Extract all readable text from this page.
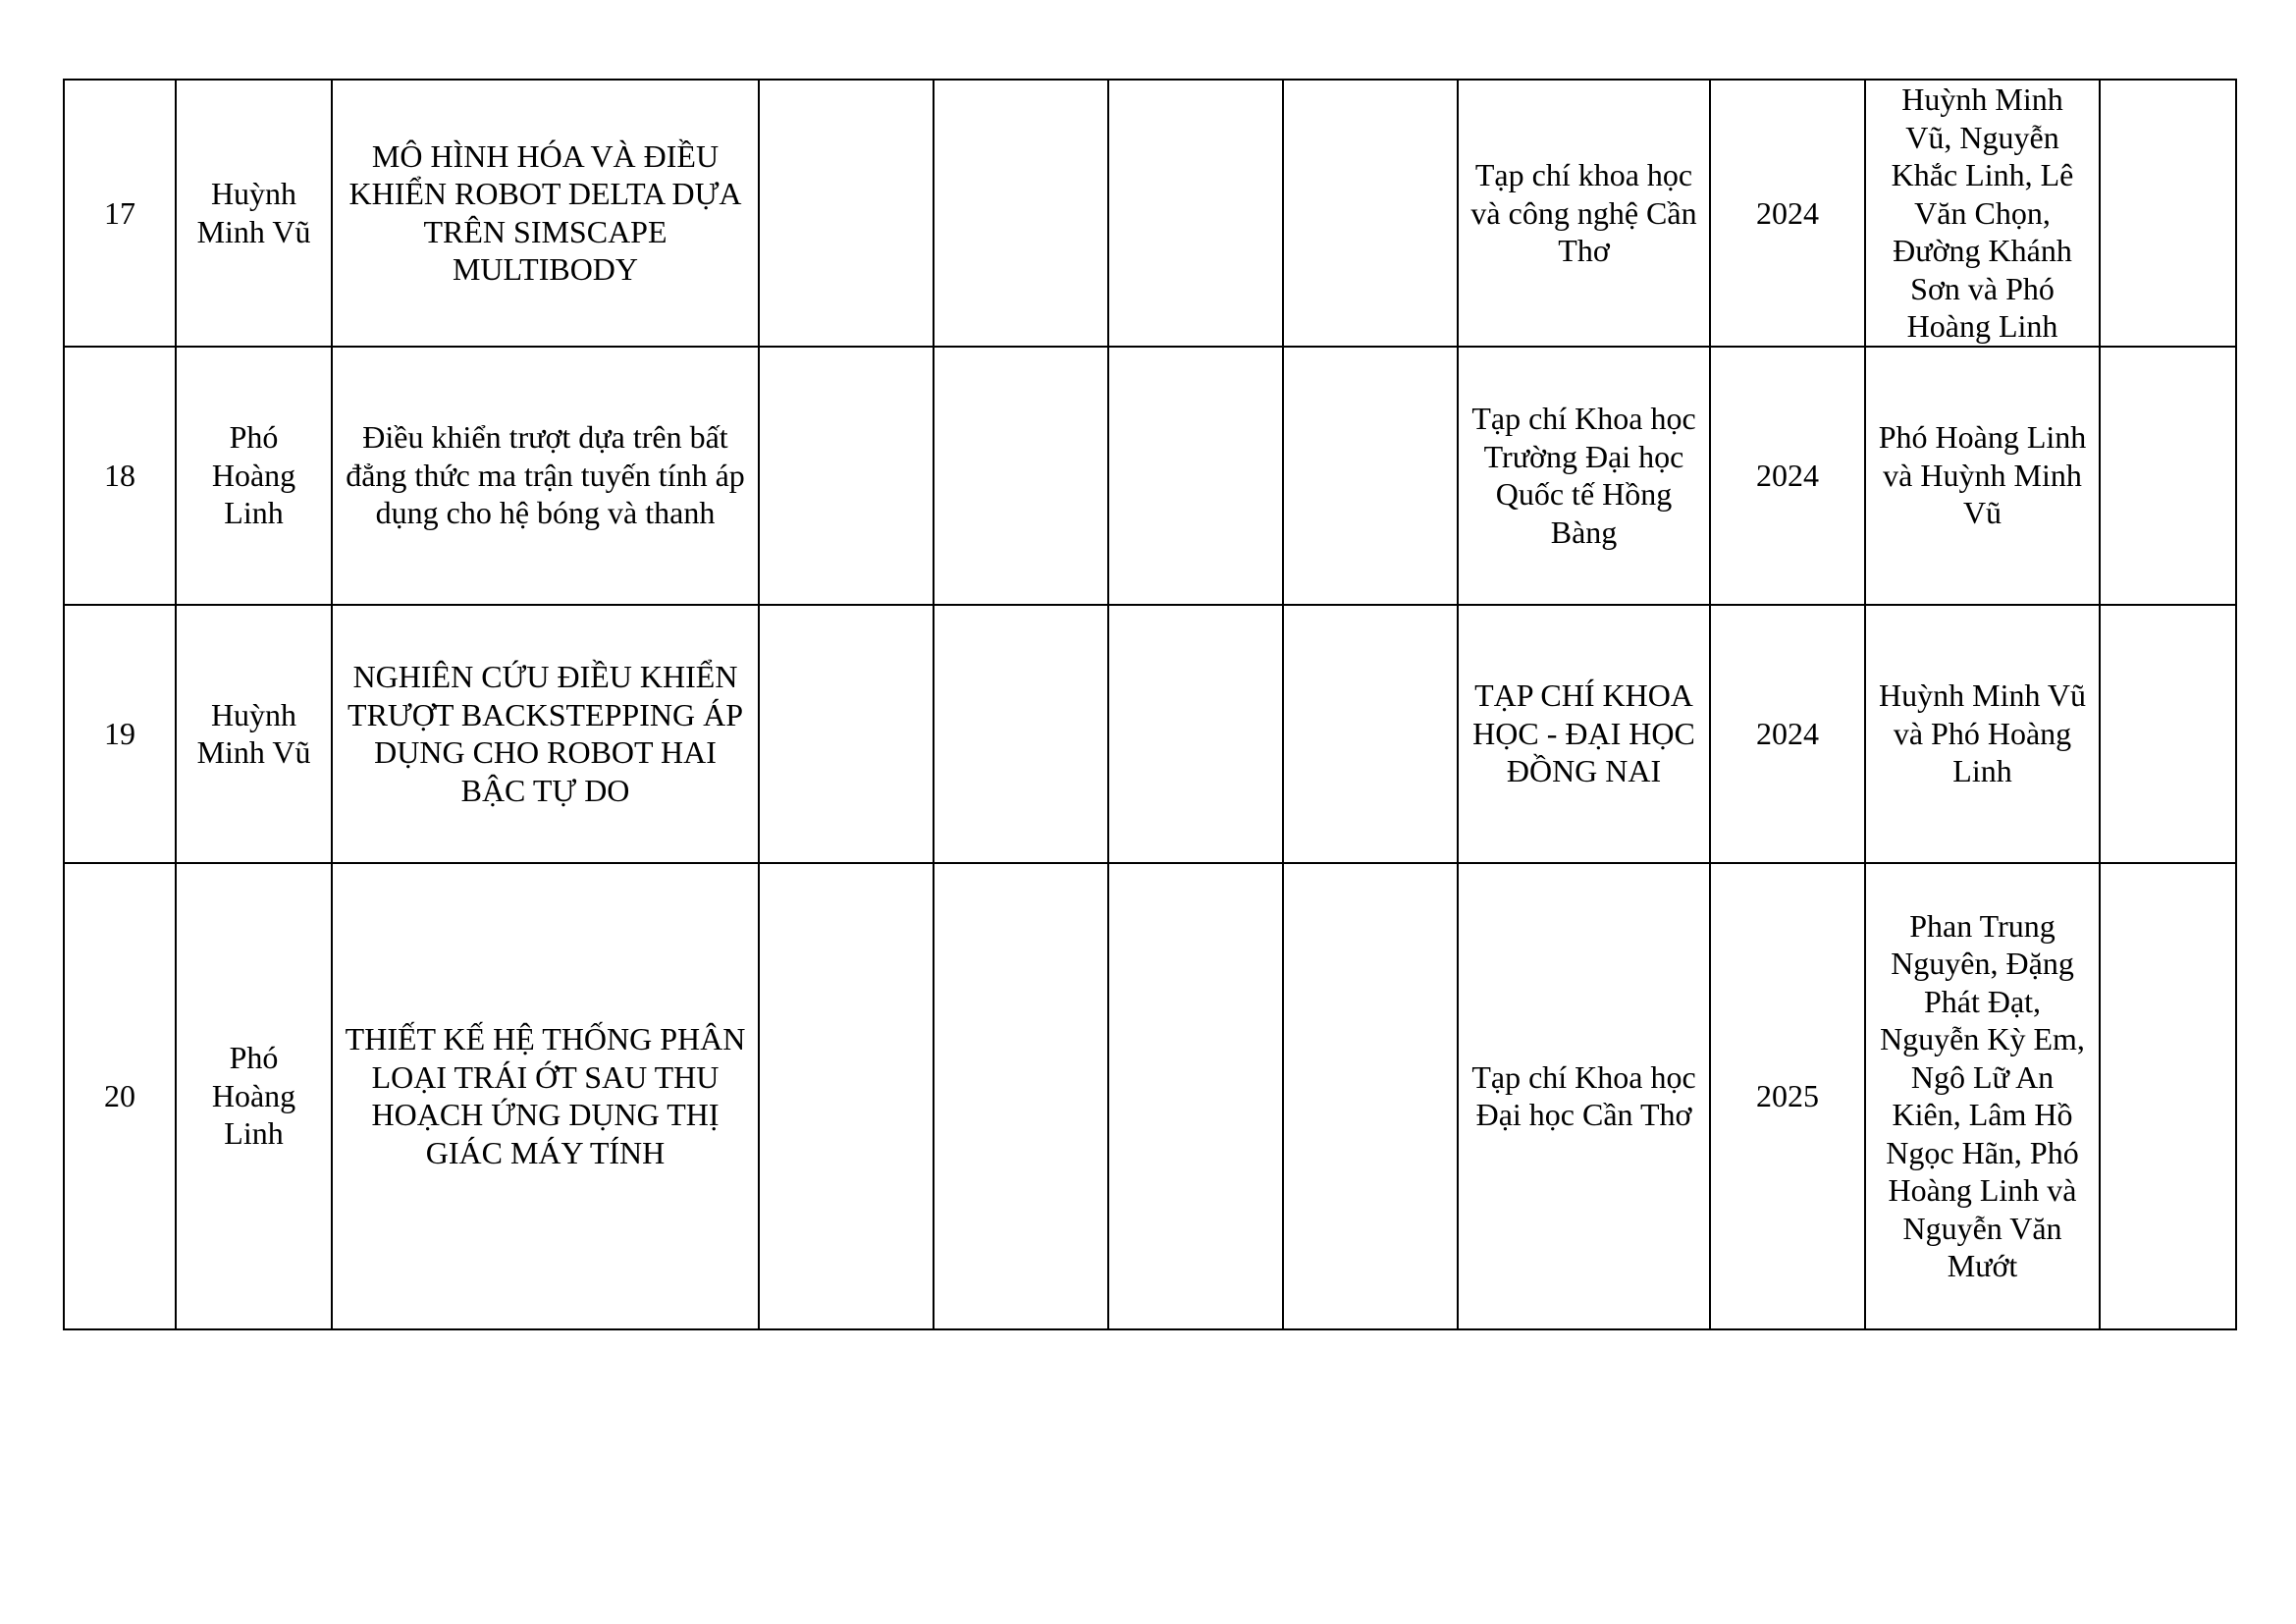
17	Huỳnh Minh Vũ	MÔ HÌNH HÓA VÀ ĐIỀU KHIỂN ROBOT DELTA DỰA TRÊN SIMSCAPE MULTIBODY					Tạp chí khoa học và công nghệ Cần Thơ	2024	Huỳnh Minh Vũ, Nguyễn Khắc Linh, Lê Văn Chọn, Đường Khánh Sơn và Phó Hoàng Linh	
18	Phó Hoàng Linh	Điều khiển trượt dựa trên bất đẳng thức ma trận tuyến tính áp dụng cho hệ bóng và thanh					Tạp chí Khoa học Trường Đại học Quốc tế Hồng Bàng	2024	Phó Hoàng Linh và Huỳnh Minh Vũ	
19	Huỳnh Minh Vũ	NGHIÊN CỨU ĐIỀU KHIỂN TRƯỢT BACKSTEPPING ÁP DỤNG CHO ROBOT HAI BẬC TỰ DO					TẠP CHÍ KHOA HỌC - ĐẠI HỌC ĐỒNG NAI	2024	Huỳnh Minh Vũ và Phó Hoàng Linh	
20	Phó Hoàng Linh	THIẾT KẾ HỆ THỐNG PHÂN LOẠI TRÁI ỚT SAU THU HOẠCH ỨNG DỤNG THỊ GIÁC MÁY TÍNH					Tạp chí Khoa học Đại học Cần Thơ	2025	Phan Trung Nguyên, Đặng Phát Đạt, Nguyễn Kỳ Em, Ngô Lữ An Kiên, Lâm Hồ Ngọc Hãn, Phó Hoàng Linh và Nguyễn Văn Mướt	
